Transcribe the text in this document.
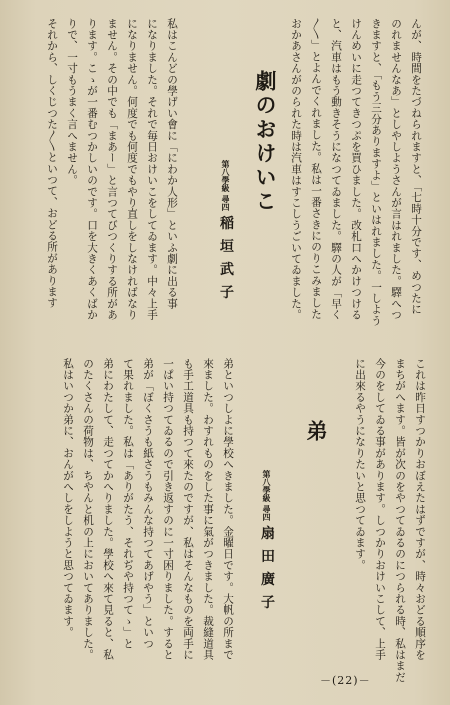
んが、時間をたづねられますと、「七時十分です、めつたに

のれませんなあ」としやしようさんが言はれました。驛へつ

きますと、「もう三分ありますよ」といはれました。一しよう

けんめいに走つてきつぷを買ひました。改札口へかけつける

と、汽車はもう動きそうになつてゐました。驛の人が「早く

〳〵」とよんでくれました。私は一番さきにのりこみました

おかあさんがのられた時は汽車はすこしうごいてゐました。

劇のおけいこ
第八學級 尋四 稲垣武子

私はこんどの學げい會に「にわか人形」といふ劇に出る事

になりました。それで毎日おけいこをしてゐます。中々上手

になりません。何度でも何度でもやり直しをしなければなり

ません。その中でも「まあー」と言つてびつくりする所があ

ります。こゝが一番むつかしいのです。口を大きくあくばか

りで、一寸もうまく言へません。

それから、しくじつた〳〵といつて、おどる所があります

これは昨日すつかりおぼえたはずですが、時々おどる順序を

まちがへます。皆が次のをやつてゐるのにつられる時、私はまだ

今のをしてゐる事があります。しつかりおけいこして、上手

に出來るやうになりたいと思つてゐます。

弟
第八學級 尋四 扇田廣子

弟といつしよに學校へきました。金曜日です。大帆の所まで

來ました。わすれものをした事に氣がつきました。裁縫道具

も手工道具も持つて來たのですが、私はそんなものを両手に

一ぱい持つてゐるので引き返すのに一寸困りました。すると

弟が「ぼくさうも紙さうもみんな持つてあげやう」といつ

て果れました。私は「ありがたう、それぢや持つてゝ」と

弟にわたして、走つてかへりました。學校へ來て見ると、私

のたくさんの荷物は、ちやんと机の上においてありました。

私はいつか弟に、おんがへしをしようと思つてゐます。

－(22)－
